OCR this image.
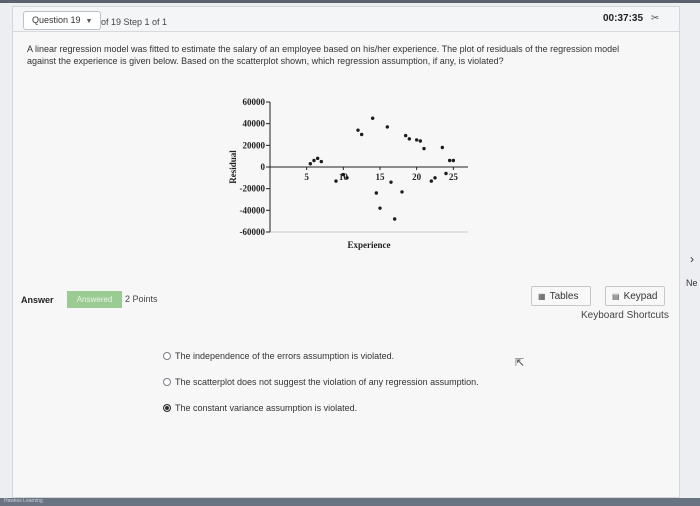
Question 19 ▼ of 19 Step 1 of 1	00:37:35 ✂
A linear regression model was fitted to estimate the salary of an employee based on his/her experience. The plot of residuals of the regression model against the experience is given below. Based on the scatterplot shown, which regression assumption, if any, is violated?
60000
40000
20000
0
-20000
-40000
-60000
5	10	15	20	25
Experience
Residual
Answer	Answered	2 Points	▦ Tables	▤ Keypad
Keyboard Shortcuts
The independence of the errors assumption is violated.
The scatterplot does not suggest the violation of any regression assumption.
The constant variance assumption is violated.
⇱
›
Ne
Hawkes Learning
